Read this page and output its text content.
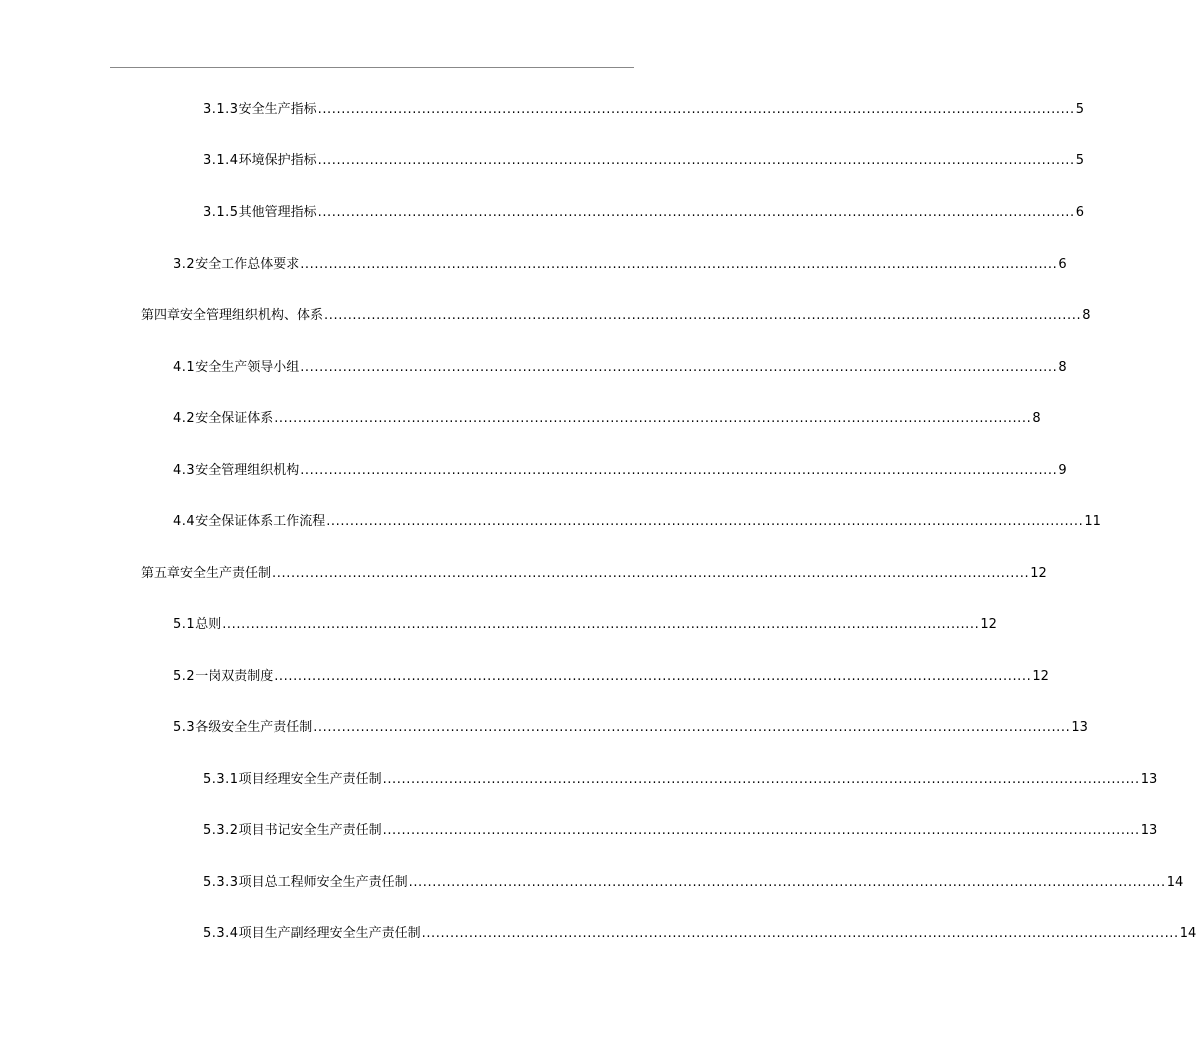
3.1.3 安全生产指标 ................................................................................................................................................................ 5
3.1.4 环境保护指标 ................................................................................................................................................................ 5
3.1.5 其他管理指标 ................................................................................................................................................................ 6
3.2 安全工作总体要求 ................................................................................................................................................................ 6
第四章 安全管理组织机构、体系 ................................................................................................................................................................ 8
4.1 安全生产领导小组 ................................................................................................................................................................ 8
4.2 安全保证体系 ................................................................................................................................................................ 8
4.3 安全管理组织机构 ................................................................................................................................................................ 9
4.4 安全保证体系工作流程 ................................................................................................................................................................ 11
第五章 安全生产责任制 ................................................................................................................................................................ 12
5.1 总则 ................................................................................................................................................................ 12
5.2 一岗双责制度 ................................................................................................................................................................ 12
5.3 各级安全生产责任制 ................................................................................................................................................................ 13
5.3.1 项目经理安全生产责任制 ................................................................................................................................................................ 13
5.3.2 项目书记安全生产责任制 ................................................................................................................................................................ 13
5.3.3 项目总工程师安全生产责任制 ................................................................................................................................................................ 14
5.3.4 项目生产副经理安全生产责任制 ................................................................................................................................................................ 14
